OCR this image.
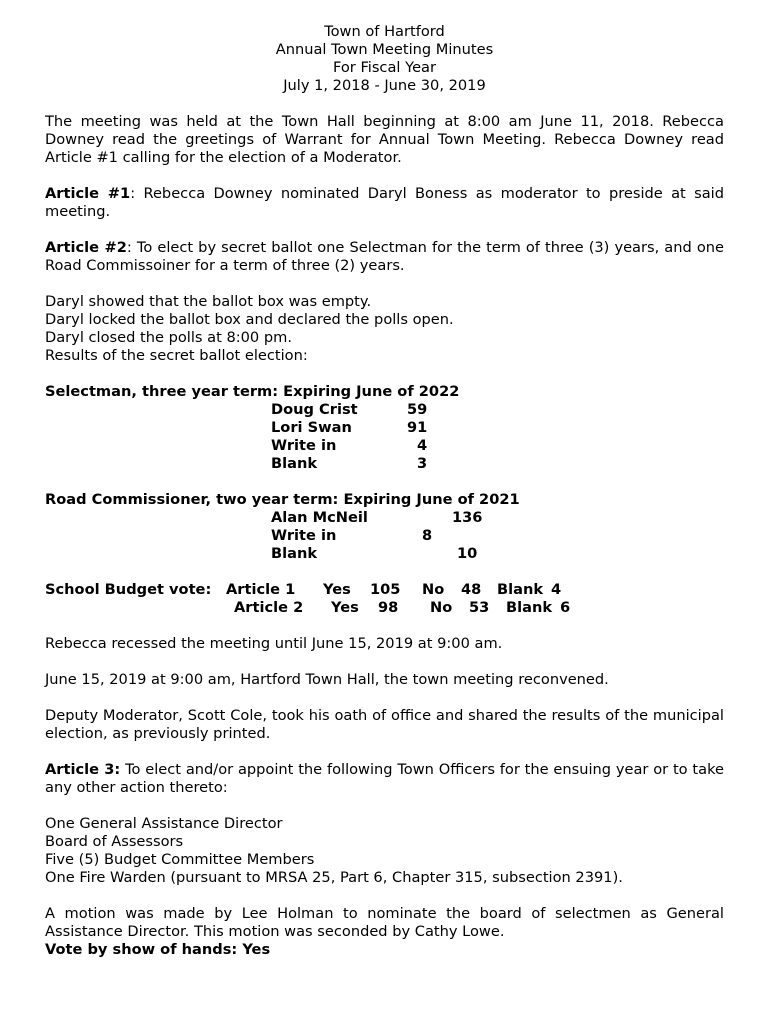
Town of Hartford

Annual Town Meeting Minutes

For Fiscal Year

July 1, 2018 - June 30, 2019

The meeting was held at the Town Hall beginning at 8:00 am June 11, 2018. Rebecca Downey read the greetings of Warrant for Annual Town Meeting. Rebecca Downey read Article #1 calling for the election of a Moderator.

Article #1: Rebecca Downey nominated Daryl Boness as moderator to preside at said meeting.

Article #2: To elect by secret ballot one Selectman for the term of three (3) years, and one Road Commissoiner for a term of three (2) years.

Daryl showed that the ballot box was empty.

Daryl locked the ballot box and declared the polls open.

Daryl closed the polls at 8:00 pm.

Results of the secret ballot election:

Selectman, three year term: Expiring June of 2022

Doug Crist	59
Lori Swan	91
Write in	4
Blank	3

Road Commissioner, two year term: Expiring June of 2021

Alan McNeil	136
Write in	8
Blank	10
School Budget vote: Article 1 Yes 105 No 48 Blank 4
Article 2 Yes 98 No 53 Blank 6

Rebecca recessed the meeting until June 15, 2019 at 9:00 am.

June 15, 2019 at 9:00 am, Hartford Town Hall, the town meeting reconvened.

Deputy Moderator, Scott Cole, took his oath of office and shared the results of the municipal election, as previously printed.

Article 3: To elect and/or appoint the following Town Officers for the ensuing year or to take any other action thereto:

One General Assistance Director

Board of Assessors

Five (5) Budget Committee Members

One Fire Warden (pursuant to MRSA 25, Part 6, Chapter 315, subsection 2391).

A motion was made by Lee Holman to nominate the board of selectmen as General Assistance Director. This motion was seconded by Cathy Lowe.

Vote by show of hands: Yes
